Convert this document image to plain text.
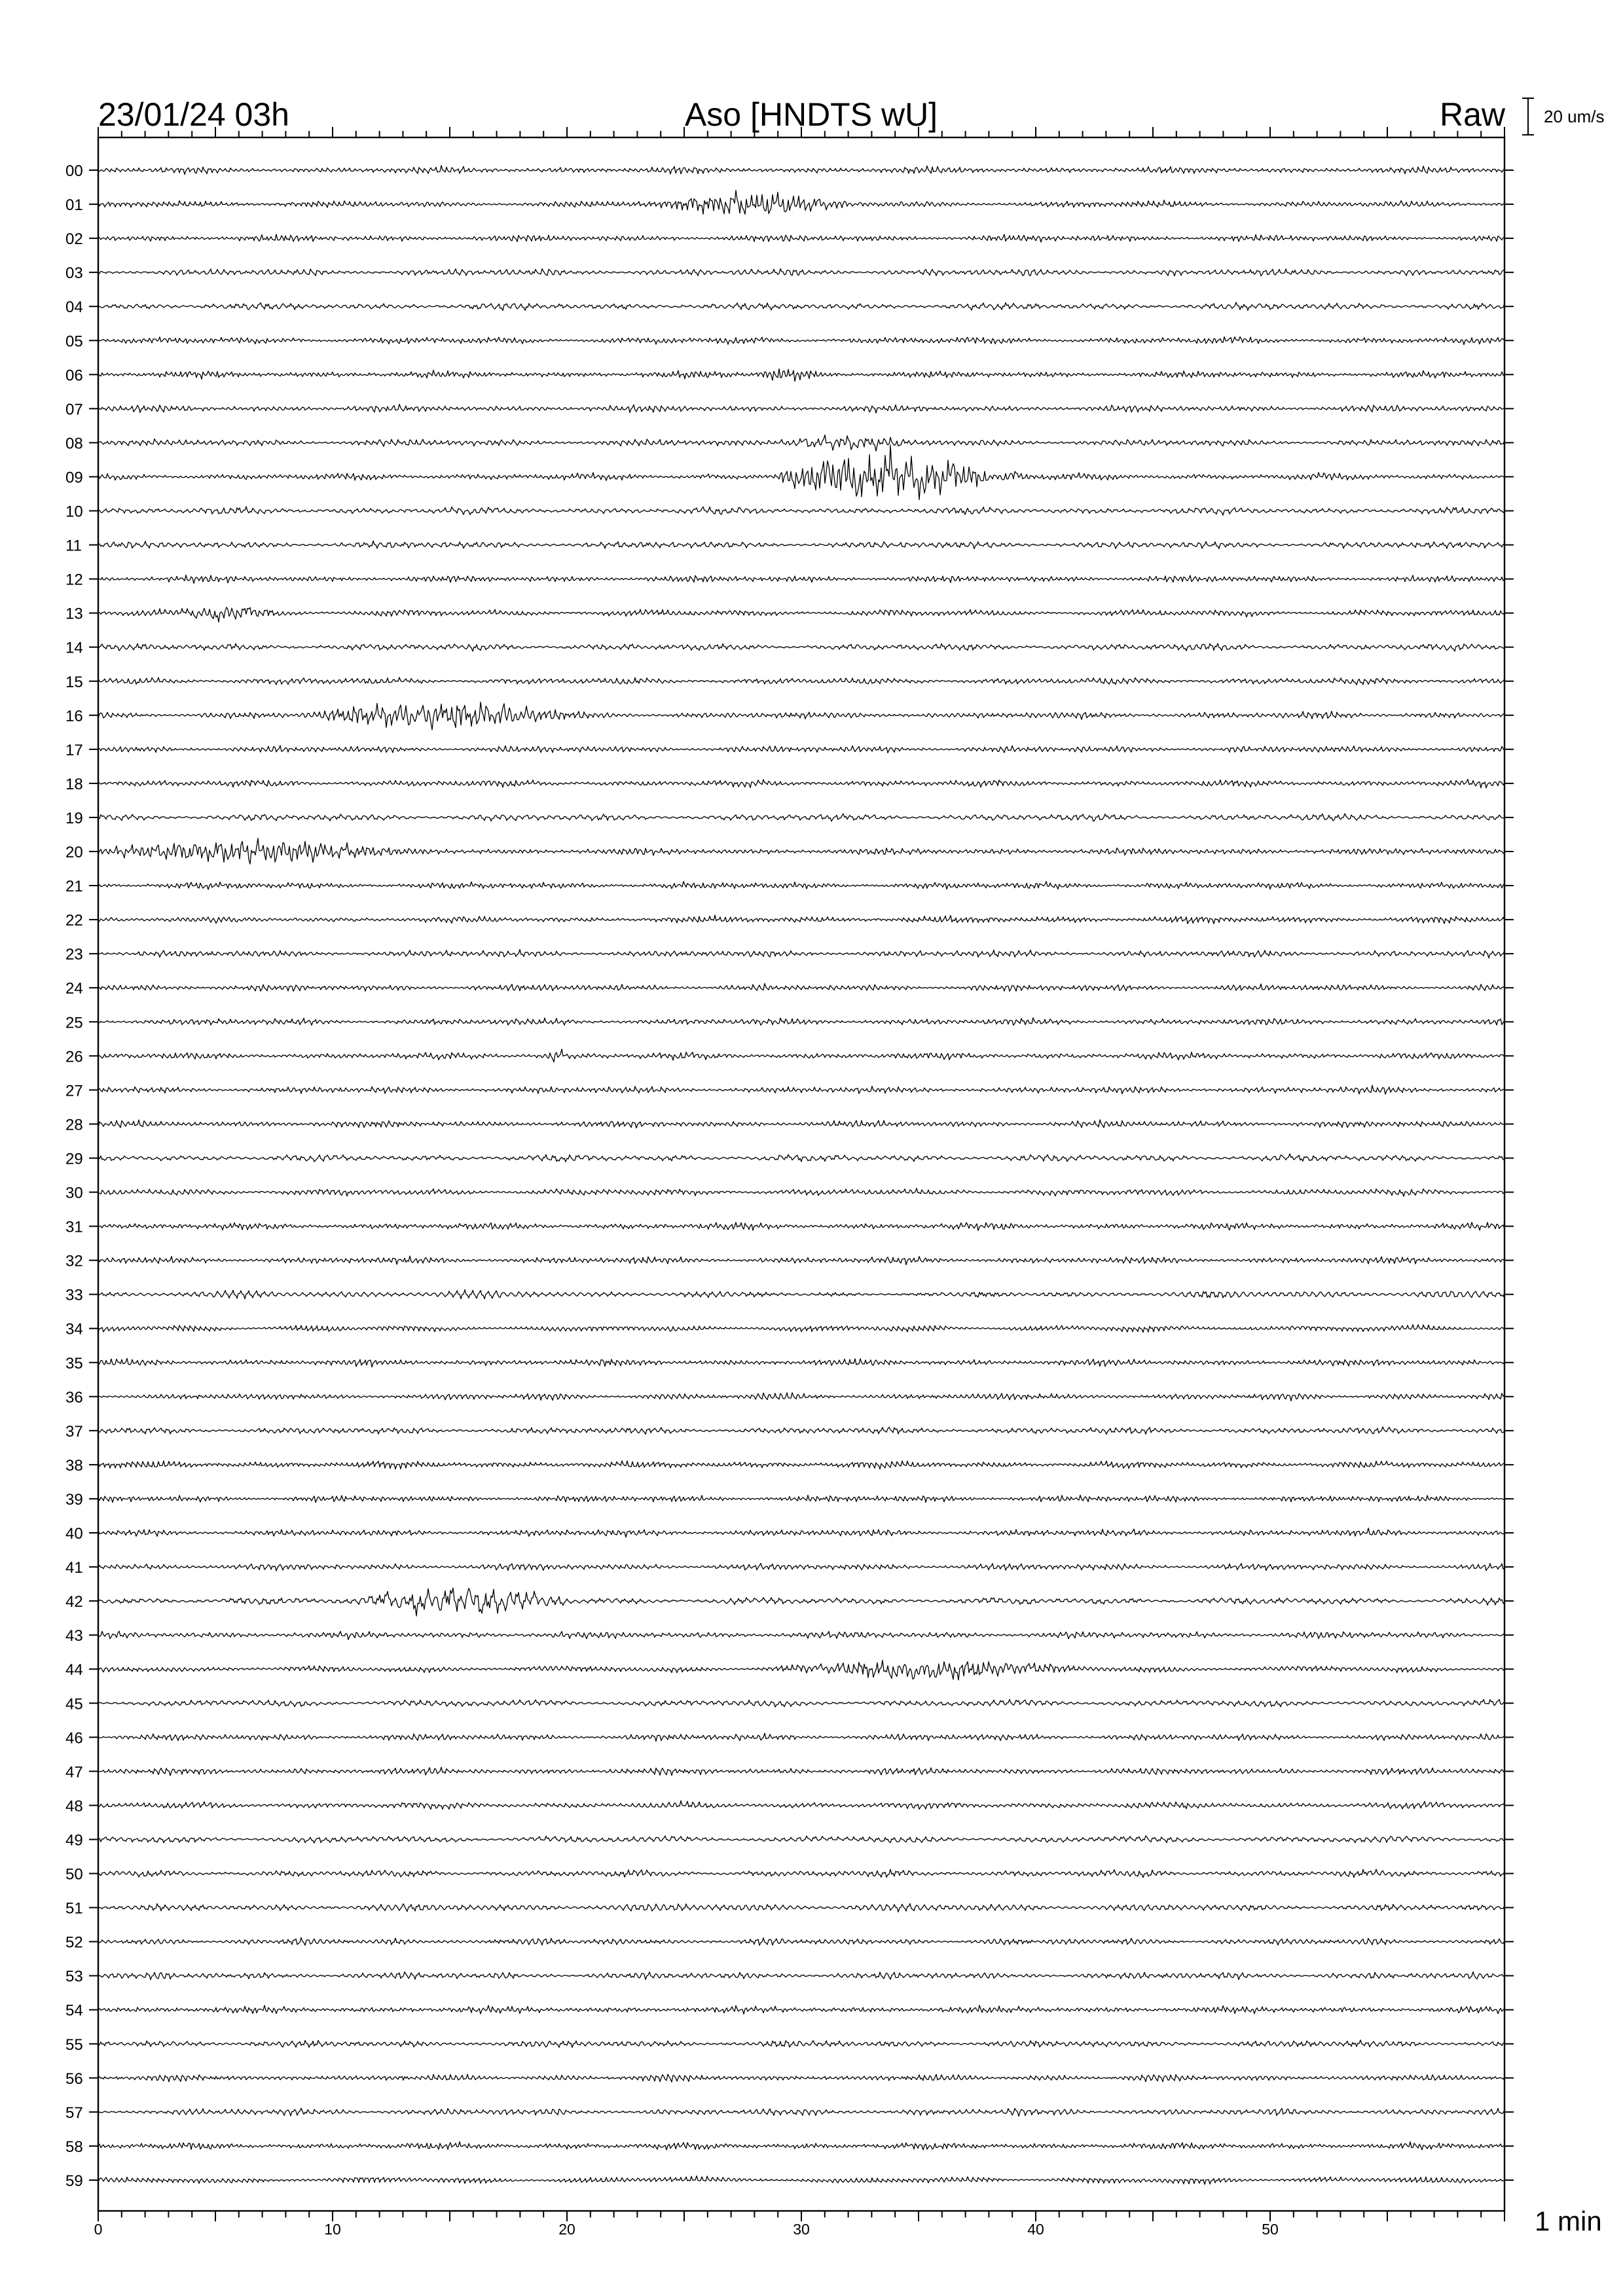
0	10	20	30	40	50
00
01
02
03
04
05
06
07
08
09
10
11
12
13
14
15
16
17
18
19
20
21
22
23
24
25
26
27
28
29
30
31
32
33
34
35
36
37
38
39
40
41
42
43
44
45
46
47
48
49
50
51
52
53
54
55
56
57
58
59
23/01/24 03h	Aso [HNDTS wU]	Raw 20 um/s
1 min
